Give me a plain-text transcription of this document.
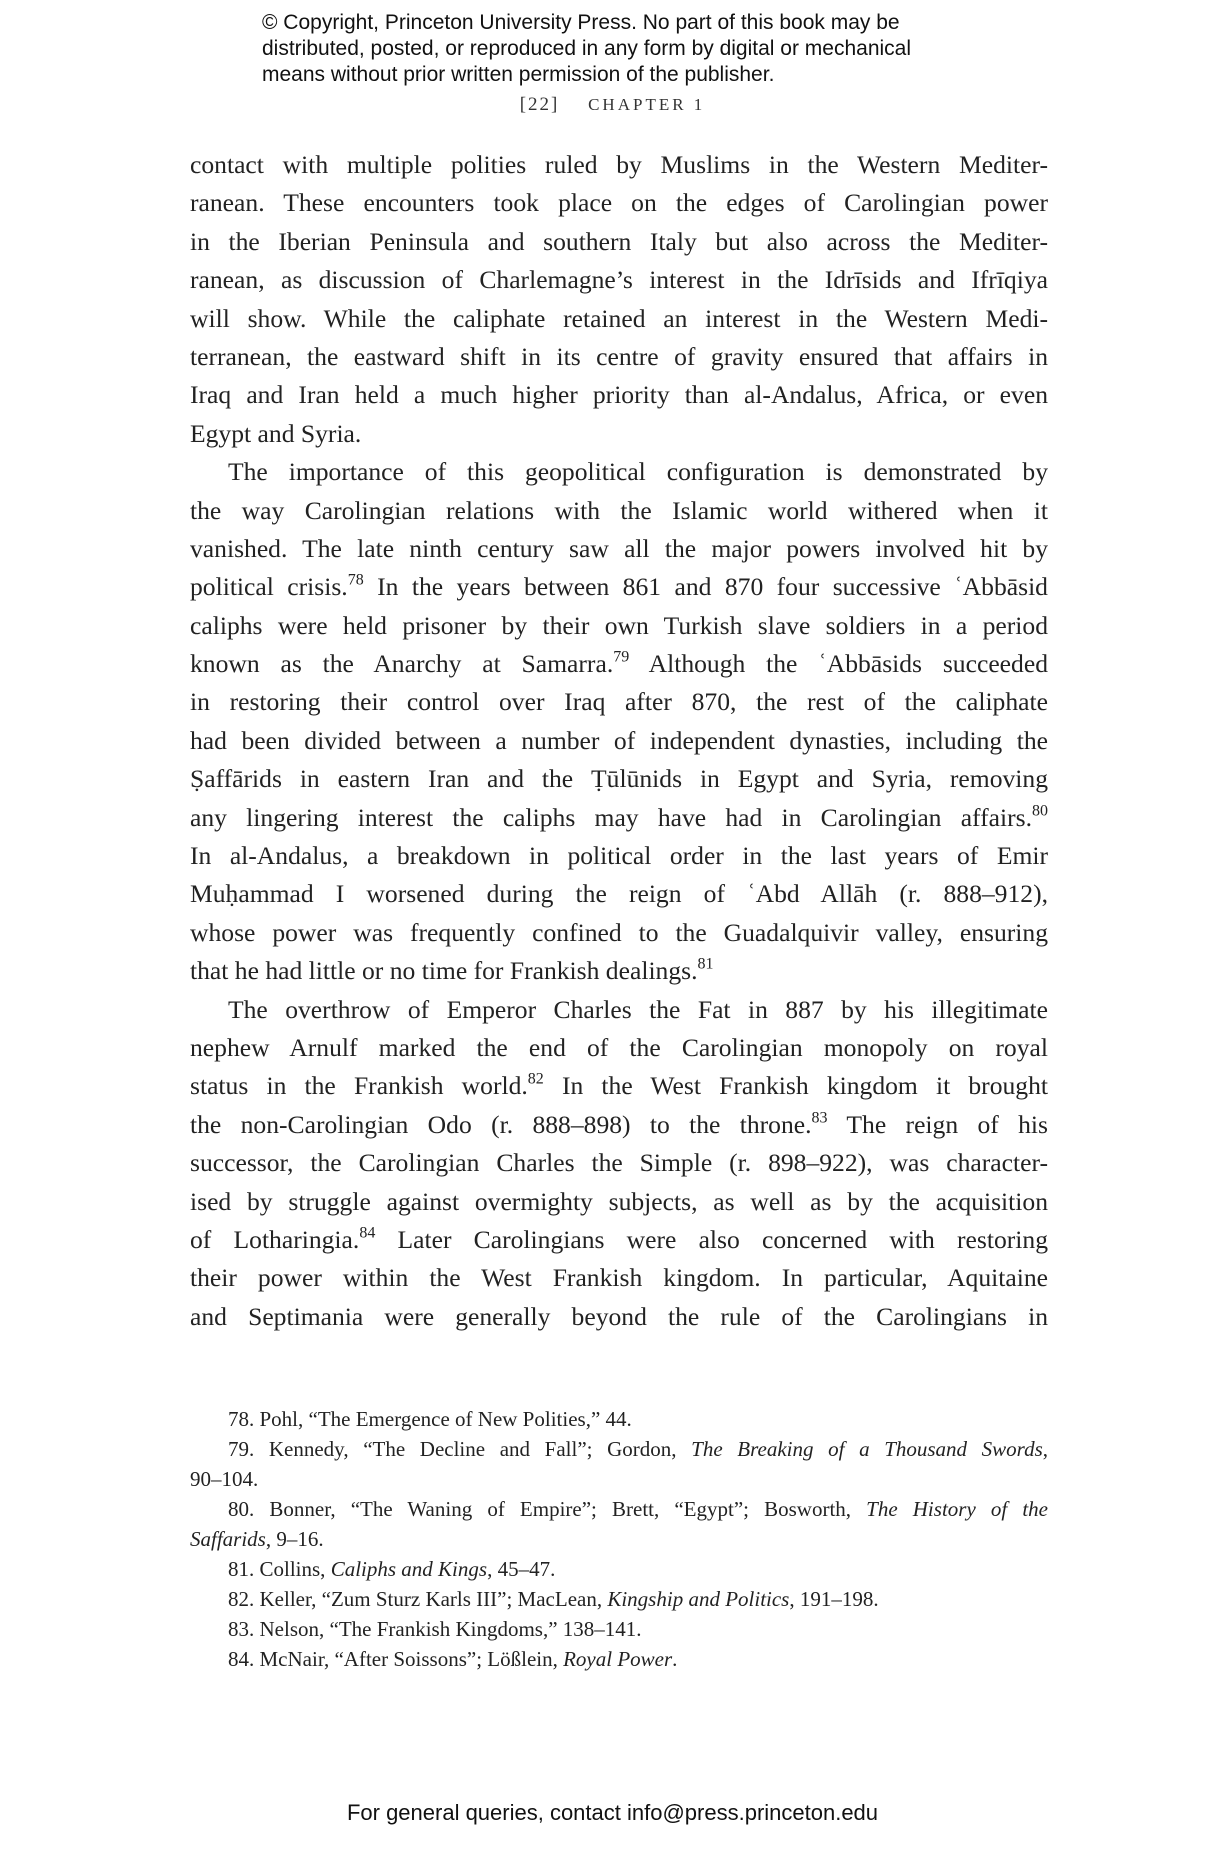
© Copyright, Princeton University Press. No part of this book may be
distributed, posted, or reproduced in any form by digital or mechanical
means without prior written permission of the publisher.
[22] CHAPTER 1
contact with multiple polities ruled by Muslims in the Western Mediter-
ranean. These encounters took place on the edges of Carolingian power
in the Iberian Peninsula and southern Italy but also across the Mediter-
ranean, as discussion of Charlemagne’s interest in the Idrīsids and Ifrīqiya
will show. While the caliphate retained an interest in the Western Medi-
terranean, the eastward shift in its centre of gravity ensured that affairs in
Iraq and Iran held a much higher priority than al-Andalus, Africa, or even
Egypt and Syria.
The importance of this geopolitical configuration is demonstrated by
the way Carolingian relations with the Islamic world withered when it
vanished. The late ninth century saw all the major powers involved hit by
political crisis.$^{78}$ In the years between 861 and 870 four successive ʿAbbāsid
caliphs were held prisoner by their own Turkish slave soldiers in a period
known as the Anarchy at Samarra.$^{79}$ Although the ʿAbbāsids succeeded
in restoring their control over Iraq after 870, the rest of the caliphate
had been divided between a number of independent dynasties, including the
Ṣaffārids in eastern Iran and the Ṭūlūnids in Egypt and Syria, removing
any lingering interest the caliphs may have had in Carolingian affairs.$^{80}$
In al-Andalus, a breakdown in political order in the last years of Emir
Muḥammad I worsened during the reign of ʿAbd Allāh (r. 888–912),
whose power was frequently confined to the Guadalquivir valley, ensuring
that he had little or no time for Frankish dealings.$^{81}$
The overthrow of Emperor Charles the Fat in 887 by his illegitimate
nephew Arnulf marked the end of the Carolingian monopoly on royal
status in the Frankish world.$^{82}$ In the West Frankish kingdom it brought
the non-Carolingian Odo (r. 888–898) to the throne.$^{83}$ The reign of his
successor, the Carolingian Charles the Simple (r. 898–922), was character-
ised by struggle against overmighty subjects, as well as by the acquisition
of Lotharingia.$^{84}$ Later Carolingians were also concerned with restoring
their power within the West Frankish kingdom. In particular, Aquitaine
and Septimania were generally beyond the rule of the Carolingians in
78. Pohl, “The Emergence of New Polities,” 44.
79. Kennedy, “The Decline and Fall”; Gordon, The Breaking of a Thousand Swords,
90–104.
80. Bonner, “The Waning of Empire”; Brett, “Egypt”; Bosworth, The History of the
Saffarids, 9–16.
81. Collins, Caliphs and Kings, 45–47.
82. Keller, “Zum Sturz Karls III”; MacLean, Kingship and Politics, 191–198.
83. Nelson, “The Frankish Kingdoms,” 138–141.
84. McNair, “After Soissons”; Lößlein, Royal Power.
For general queries, contact info@press.princeton.edu
